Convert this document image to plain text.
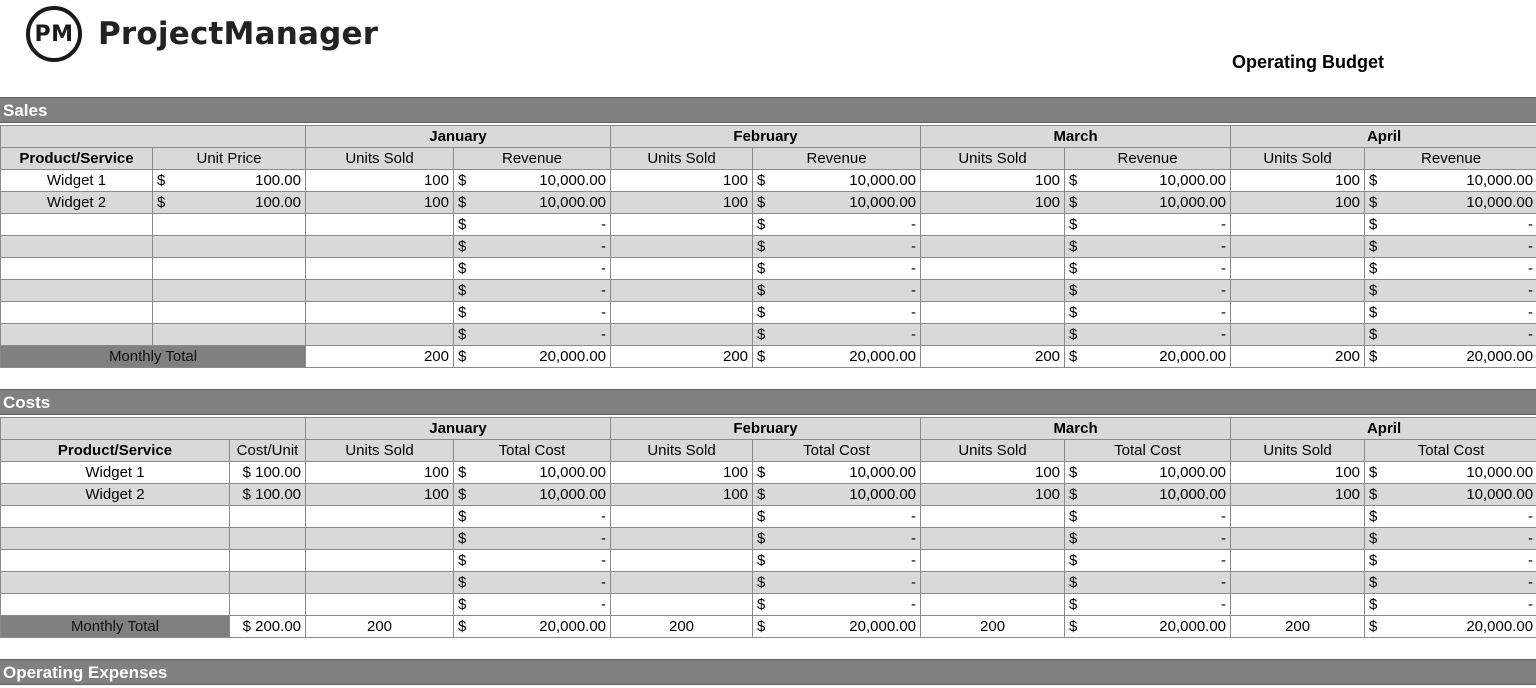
PM ProjectManager
Operating Budget
Sales
		January		February		March		April	
Product/Service	Unit Price	Units Sold	Revenue	Units Sold	Revenue	Units Sold	Revenue	Units Sold	Revenue
Widget 1	$ 100.00	100	$ 10,000.00	100	$ 10,000.00	100	$ 10,000.00	100	$ 10,000.00

Widget 2	$ 100.00	100	$ 10,000.00	100	$ 10,000.00	100	$ 10,000.00	100	$ 10,000.00

			$ -		$ -		$ -		$ -

			$ -		$ -		$ -		$ -

			$ -		$ -		$ -		$ -

			$ -		$ -		$ -		$ -

			$ -		$ -		$ -		$ -

			$ -		$ -		$ -		$ -

Monthly Total		200	$ 20,000.00	200	$ 20,000.00	200	$ 20,000.00	200	$ 20,000.00
Costs
		January		February		March		April	
Product/Service	Cost/Unit	Units Sold	Total Cost	Units Sold	Total Cost	Units Sold	Total Cost	Units Sold	Total Cost
Widget 1	$ 100.00	100	$ 10,000.00	100	$ 10,000.00	100	$ 10,000.00	100	$ 10,000.00

Widget 2	$ 100.00	100	$ 10,000.00	100	$ 10,000.00	100	$ 10,000.00	100	$ 10,000.00

			$ -		$ -		$ -		$ -

			$ -		$ -		$ -		$ -

			$ -		$ -		$ -		$ -

			$ -		$ -		$ -		$ -

			$ -		$ -		$ -		$ -

Monthly Total	$ 200.00	200	$ 20,000.00	200	$ 20,000.00	200	$ 20,000.00	200	$ 20,000.00
Operating Expenses
